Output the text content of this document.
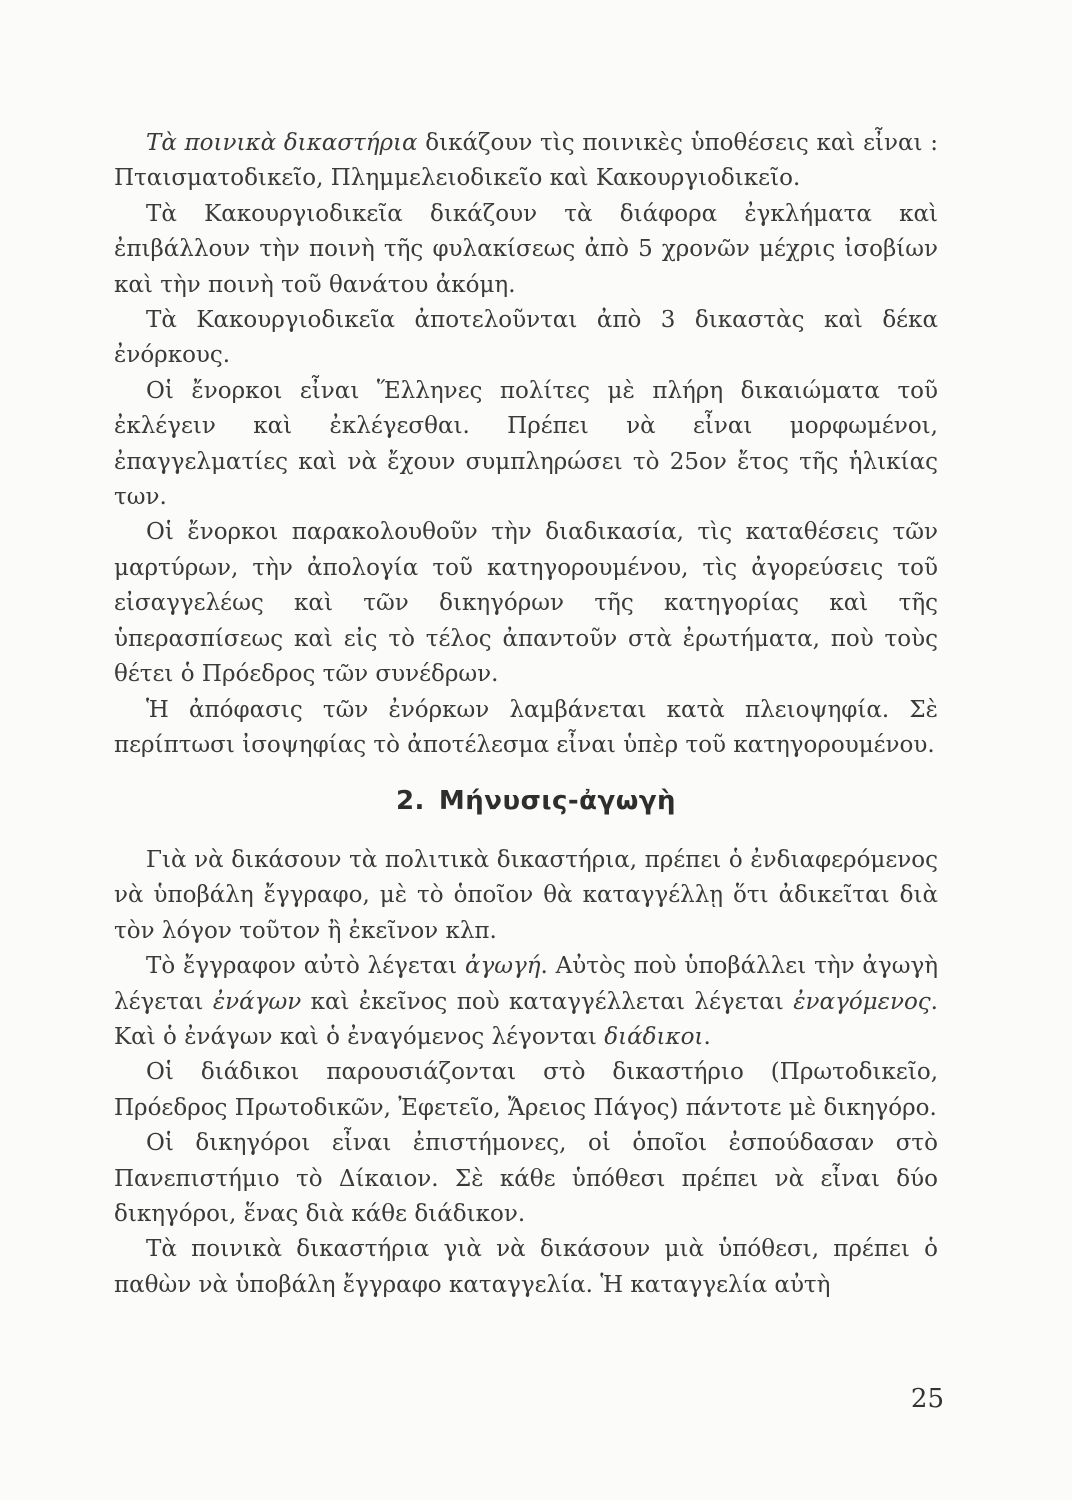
Τὰ ποινικὰ δικαστήρια δικάζουν τὶς ποινικὲς ὑποθέσεις καὶ εἶναι : Πταισματοδικεῖο, Πλημμελειοδικεῖο καὶ Κακουργιοδικεῖο.

Τὰ Κακουργιοδικεῖα δικάζουν τὰ διάφορα ἐγκλήματα καὶ ἐπιβάλλουν τὴν ποινὴ τῆς φυλακίσεως ἀπὸ 5 χρονῶν μέχρις ἰσοβίων καὶ τὴν ποινὴ τοῦ θανάτου ἀκόμη.

Τὰ Κακουργιοδικεῖα ἀποτελοῦνται ἀπὸ 3 δικαστὰς καὶ δέκα ἐνόρκους.

Οἱ ἔνορκοι εἶναι Ἕλληνες πολίτες μὲ πλήρη δικαιώματα τοῦ ἐκλέγειν καὶ ἐκλέγεσθαι. Πρέπει νὰ εἶναι μορφωμένοι, ἐπαγγελματίες καὶ νὰ ἔχουν συμπληρώσει τὸ 25ον ἔτος τῆς ἡλικίας των.

Οἱ ἔνορκοι παρακολουθοῦν τὴν διαδικασία, τὶς καταθέσεις τῶν μαρτύρων, τὴν ἀπολογία τοῦ κατηγορουμένου, τὶς ἀγορεύσεις τοῦ εἰσαγγελέως καὶ τῶν δικηγόρων τῆς κατηγορίας καὶ τῆς ὑπερασπίσεως καὶ εἰς τὸ τέλος ἀπαντοῦν στὰ ἐρωτήματα, ποὺ τοὺς θέτει ὁ Πρόεδρος τῶν συνέδρων.

Ἡ ἀπόφασις τῶν ἐνόρκων λαμβάνεται κατὰ πλειοψηφία. Σὲ περίπτωσι ἰσοψηφίας τὸ ἀποτέλεσμα εἶναι ὑπὲρ τοῦ κατηγορουμένου.

2. Μήνυσις-ἀγωγὴ

Γιὰ νὰ δικάσουν τὰ πολιτικὰ δικαστήρια, πρέπει ὁ ἐνδιαφερόμενος νὰ ὑποβάλη ἔγγραφο, μὲ τὸ ὁποῖον θὰ καταγγέλλῃ ὅτι ἀδικεῖται διὰ τὸν λόγον τοῦτον ἢ ἐκεῖνον κλπ.

Τὸ ἔγγραφον αὐτὸ λέγεται ἀγωγή. Αὐτὸς ποὺ ὑποβάλλει τὴν ἀγωγὴ λέγεται ἐνάγων καὶ ἐκεῖνος ποὺ καταγγέλλεται λέγεται ἐναγόμενος. Καὶ ὁ ἐνάγων καὶ ὁ ἐναγόμενος λέγονται διάδικοι.

Οἱ διάδικοι παρουσιάζονται στὸ δικαστήριο (Πρωτοδικεῖο, Πρόεδρος Πρωτοδικῶν, Ἐφετεῖο, Ἄρειος Πάγος) πάντοτε μὲ δικηγόρο.

Οἱ δικηγόροι εἶναι ἐπιστήμονες, οἱ ὁποῖοι ἐσπούδασαν στὸ Πανεπιστήμιο τὸ Δίκαιον. Σὲ κάθε ὑπόθεσι πρέπει νὰ εἶναι δύο δικηγόροι, ἕνας διὰ κάθε διάδικον.

Τὰ ποινικὰ δικαστήρια γιὰ νὰ δικάσουν μιὰ ὑπόθεσι, πρέπει ὁ παθὼν νὰ ὑποβάλη ἔγγραφο καταγγελία. Ἡ καταγγελία αὐτὴ

25
